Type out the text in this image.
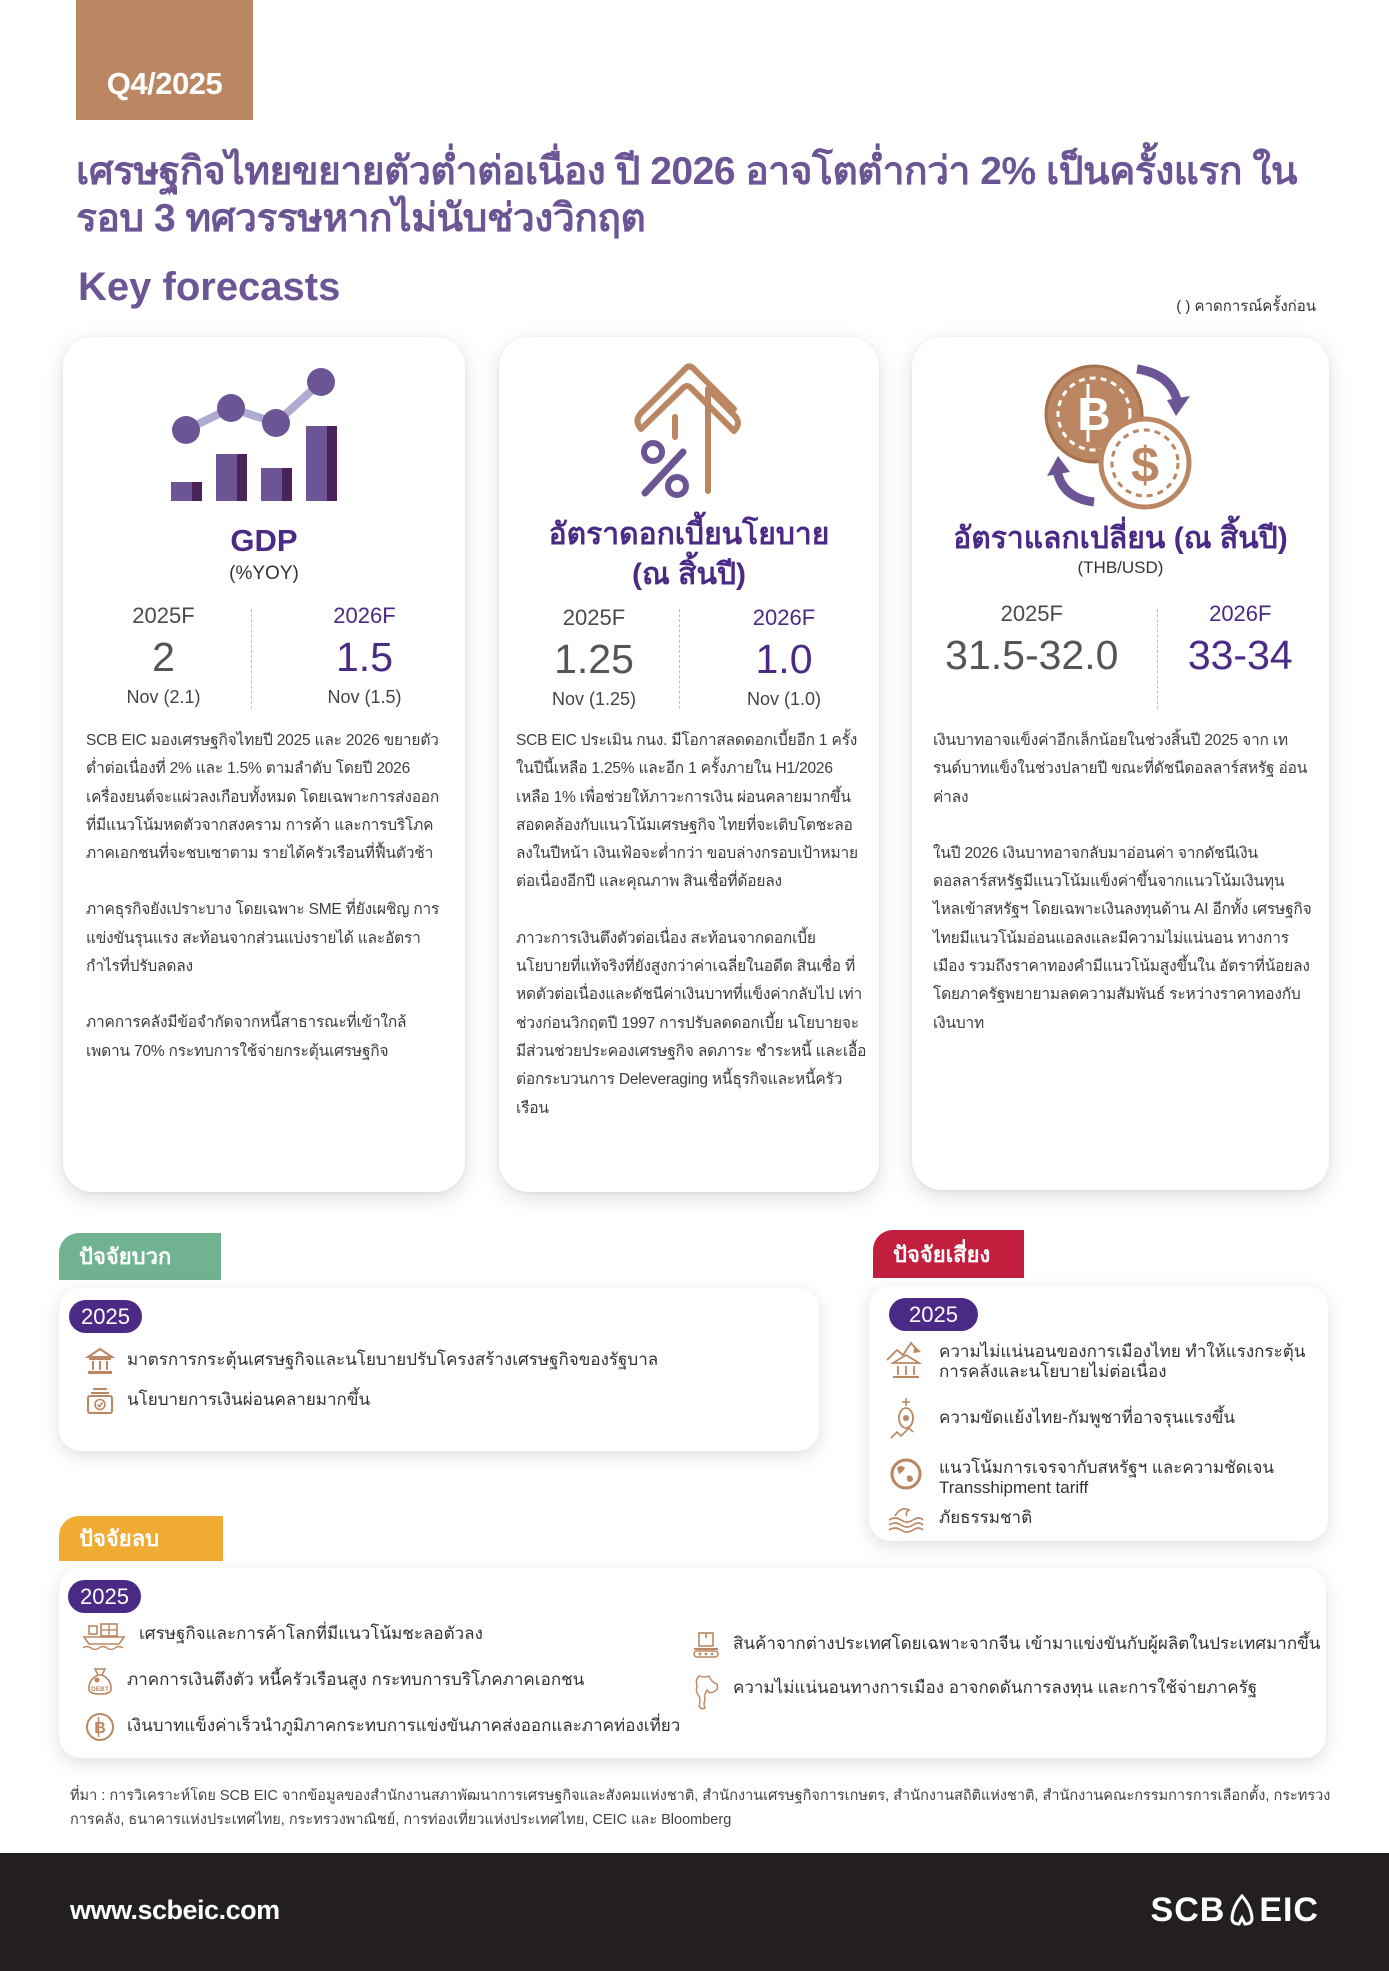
Q4/2025
เศรษฐกิจไทยขยายตัวต่ำต่อเนื่อง ปี 2026 อาจโตต่ำกว่า 2% เป็นครั้งแรก ในรอบ 3 ทศวรรษหากไม่นับช่วงวิกฤต
Key forecasts	( ) คาดการณ์ครั้งก่อน
GDP
(%YOY)
2025F
2
Nov (2.1)
2026F
1.5
Nov (1.5)

SCB EIC มองเศรษฐกิจไทยปี 2025 และ 2026 ขยายตัวต่ำต่อเนื่องที่ 2% และ 1.5% ตามลำดับ โดยปี 2026 เครื่องยนต์จะแผ่วลงเกือบทั้งหมด โดยเฉพาะการส่งออกที่มีแนวโน้มหดตัวจากสงคราม การค้า และการบริโภคภาคเอกชนที่จะชบเซาตาม รายได้ครัวเรือนที่ฟื้นตัวช้า

ภาคธุรกิจยังเปราะบาง โดยเฉพาะ SME ที่ยังเผชิญ การแข่งขันรุนแรง สะท้อนจากส่วนแบ่งรายได้ และอัตรากำไรที่ปรับลดลง

ภาคการคลังมีข้อจำกัดจากหนี้สาธารณะที่เข้าใกล้ เพดาน 70% กระทบการใช้จ่ายกระตุ้นเศรษฐกิจ

อัตราดอกเบี้ยนโยบาย
(ณ สิ้นปี)
2025F
1.25
Nov (1.25)
2026F
1.0
Nov (1.0)

SCB EIC ประเมิน กนง. มีโอกาสลดดอกเบี้ยอีก 1 ครั้งในปีนี้เหลือ 1.25% และอีก 1 ครั้งภายใน H1/2026 เหลือ 1% เพื่อช่วยให้ภาวะการเงิน ผ่อนคลายมากขึ้น สอดคล้องกับแนวโน้มเศรษฐกิจ ไทยที่จะเติบโตชะลอลงในปีหน้า เงินเฟ้อจะต่ำกว่า ขอบล่างกรอบเป้าหมายต่อเนื่องอีกปี และคุณภาพ สินเชื่อที่ด้อยลง

ภาวะการเงินตึงตัวต่อเนื่อง สะท้อนจากดอกเบี้ย นโยบายที่แท้จริงที่ยังสูงกว่าค่าเฉลี่ยในอดีต สินเชื่อ ที่หดตัวต่อเนื่องและดัชนีค่าเงินบาทที่แข็งค่ากลับไป เท่าช่วงก่อนวิกฤตปี 1997 การปรับลดดอกเบี้ย นโยบายจะมีส่วนช่วยประคองเศรษฐกิจ ลดภาระ ชำระหนี้ และเอื้อต่อกระบวนการ Deleveraging หนี้ธุรกิจและหนี้ครัวเรือน

B
$
อัตราแลกเปลี่ยน (ณ สิ้นปี)
(THB/USD)
2025F
31.5-32.0
2026F
33-34

เงินบาทอาจแข็งค่าอีกเล็กน้อยในช่วงสิ้นปี 2025 จาก เทรนด์บาทแข็งในช่วงปลายปี ขณะที่ดัชนีดอลลาร์สหรัฐ อ่อนค่าลง

ในปี 2026 เงินบาทอาจกลับมาอ่อนค่า จากดัชนีเงิน ดอลลาร์สหรัฐมีแนวโน้มแข็งค่าขึ้นจากแนวโน้มเงินทุน ไหลเข้าสหรัฐฯ โดยเฉพาะเงินลงทุนด้าน AI อีกทั้ง เศรษฐกิจไทยมีแนวโน้มอ่อนแอลงและมีความไม่แน่นอน ทางการเมือง รวมถึงราคาทองคำมีแนวโน้มสูงขึ้นใน อัตราที่น้อยลง โดยภาครัฐพยายามลดความสัมพันธ์ ระหว่างราคาทองกับเงินบาท

ปัจจัยบวก
2025
มาตรการกระตุ้นเศรษฐกิจและนโยบายปรับโครงสร้างเศรษฐกิจของรัฐบาล
นโยบายการเงินผ่อนคลายมากขึ้น
ปัจจัยเสี่ยง
2025
ความไม่แน่นอนของการเมืองไทย ทำให้แรงกระตุ้น การคลังและนโยบายไม่ต่อเนื่อง
ความขัดแย้งไทย-กัมพูชาที่อาจรุนแรงขึ้น
แนวโน้มการเจรจากับสหรัฐฯ และความชัดเจน Transshipment tariff
ภัยธรรมชาติ
ปัจจัยลบ
2025
เศรษฐกิจและการค้าโลกที่มีแนวโน้มชะลอตัวลง
DEBT
ภาคการเงินตึงตัว หนี้ครัวเรือนสูง กระทบการบริโภคภาคเอกชน
B เงินบาทแข็งค่าเร็วนำภูมิภาคกระทบการแข่งขันภาคส่งออกและภาคท่องเที่ยว
สินค้าจากต่างประเทศโดยเฉพาะจากจีน เข้ามาแข่งขันกับผู้ผลิตในประเทศมากขึ้น
ความไม่แน่นอนทางการเมือง อาจกดดันการลงทุน และการใช้จ่ายภาครัฐ
ที่มา : การวิเคราะห์โดย SCB EIC จากข้อมูลของสำนักงานสภาพัฒนาการเศรษฐกิจและสังคมแห่งชาติ, สำนักงานเศรษฐกิจการเกษตร, สำนักงานสถิติแห่งชาติ, สำนักงานคณะกรรมการการเลือกตั้ง, กระทรวงการคลัง, ธนาคารแห่งประเทศไทย, กระทรวงพาณิชย์, การท่องเที่ยวแห่งประเทศไทย, CEIC และ Bloomberg
www.scbeic.com	SCB EIC
